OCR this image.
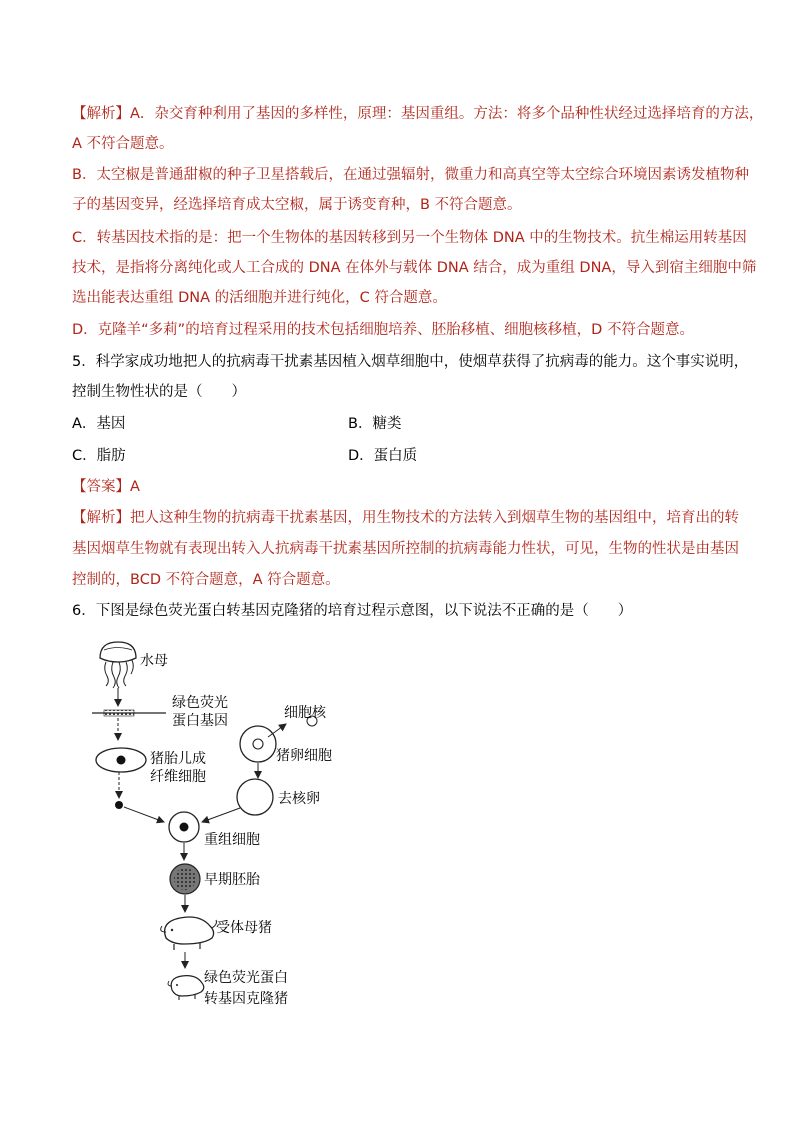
【解析】A．杂交育种利用了基因的多样性，原理：基因重组。方法：将多个品种性状经过选择培育的方法，
A 不符合题意。
B．太空椒是普通甜椒的种子卫星搭载后，在通过强辐射，微重力和高真空等太空综合环境因素诱发植物种
子的基因变异，经选择培育成太空椒，属于诱变育种，B 不符合题意。
C．转基因技术指的是：把一个生物体的基因转移到另一个生物体 DNA 中的生物技术。抗生棉运用转基因
技术，是指将分离纯化或人工合成的 DNA 在体外与载体 DNA 结合，成为重组 DNA，导入到宿主细胞中筛
选出能表达重组 DNA 的活细胞并进行纯化，C 符合题意。
D．克隆羊“多莉”的培育过程采用的技术包括细胞培养、胚胎移植、细胞核移植，D 不符合题意。
5．科学家成功地把人的抗病毒干扰素基因植入烟草细胞中，使烟草获得了抗病毒的能力。这个事实说明，
控制生物性状的是（　　）
A．基因	B．糖类
C．脂肪	D．蛋白质
【答案】A
【解析】把人这种生物的抗病毒干扰素基因，用生物技术的方法转入到烟草生物的基因组中，培育出的转
基因烟草生物就有表现出转入人抗病毒干扰素基因所控制的抗病毒能力性状，可见，生物的性状是由基因
控制的，BCD 不符合题意，A 符合题意。
6．下图是绿色荧光蛋白转基因克隆猪的培育过程示意图，以下说法不正确的是（　　）
水母
绿色荧光
蛋白基因
猪胎儿成
纤维细胞
细胞核
猪卵细胞
去核卵
重组细胞
早期胚胎
受体母猪
绿色荧光蛋白
转基因克隆猪
